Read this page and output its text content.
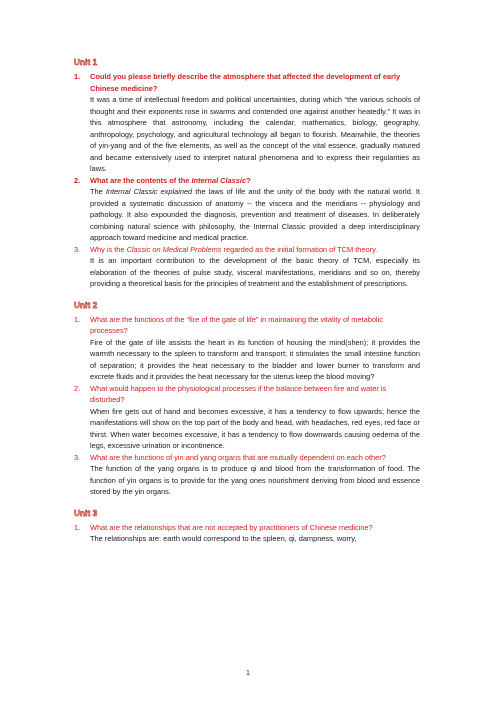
Unit 1
1.	Could you please briefly describe the atmosphere that affected the development of early Chinese medicine?
It was a time of intellectual freedom and political uncertainties, during which “the various schools of thought and their exponents rose in swarms and contended one against another heatedly.” It was in this atmosphere that astronomy, including the calendar, mathematics, biology, geography, anthropology, psychology, and agricultural technology all began to flourish. Meanwhile, the theories of yin-yang and of the five elements, as well as the concept of the vital essence, gradually matured and became extensively used to interpret natural phenomena and to express their regularities as laws.
2.	What are the contents of the Internal Classic?
The Internal Classic explained the laws of life and the unity of the body with the natural world. It provided a systematic discussion of anatomy -- the viscera and the meridians -- physiology and pathology. It also expounded the diagnosis, prevention and treatment of diseases. In deliberately combining natural science with philosophy, the Internal Classic provided a deep interdisciplinary approach toward medicine and medical practice.
3.	Why is the Classic on Medical Problems regarded as the initial formation of TCM theory.
It is an important contribution to the development of the basic theory of TCM, especially its elaboration of the theories of pulse study, visceral manifestations, meridians and so on, thereby providing a theoretical basis for the principles of treatment and the establishment of prescriptions.
Unit 2
1.	What are the functions of the “fire of the gate of life” in maintaining the vitality of metabolic processes?
Fire of the gate of life assists the heart in its function of housing the mind(shen); it provides the warmth necessary to the spleen to transform and transport; it stimulates the small intestine function of separation; it provides the heat necessary to the bladder and lower burner to transform and excrete fluids and it provides the heat necessary for the uterus keep the blood moving?
2.	What would happen to the physiological processes if the balance between fire and water is disturbed?
When fire gets out of hand and becomes excessive, it has a tendency to flow upwards; hence the manifestations will show on the top part of the body and head, with headaches, red eyes, red face or thirst. When water becomes excessive, it has a tendency to flow downwards causing oedema of the legs, excessive urination or incontinence.
3.	What are the functions of yin and yang organs that are mutually dependent on each other?
The function of the yang organs is to produce qi and blood from the transformation of food. The function of yin organs is to provide for the yang ones nourishment deriving from blood and essence stored by the yin organs.
Unit 3
1.	What are the relationships that are not accepted by practitioners of Chinese medicine?
The relationships are: earth would correspond to the spleen, qi, dampness, worry,
1
